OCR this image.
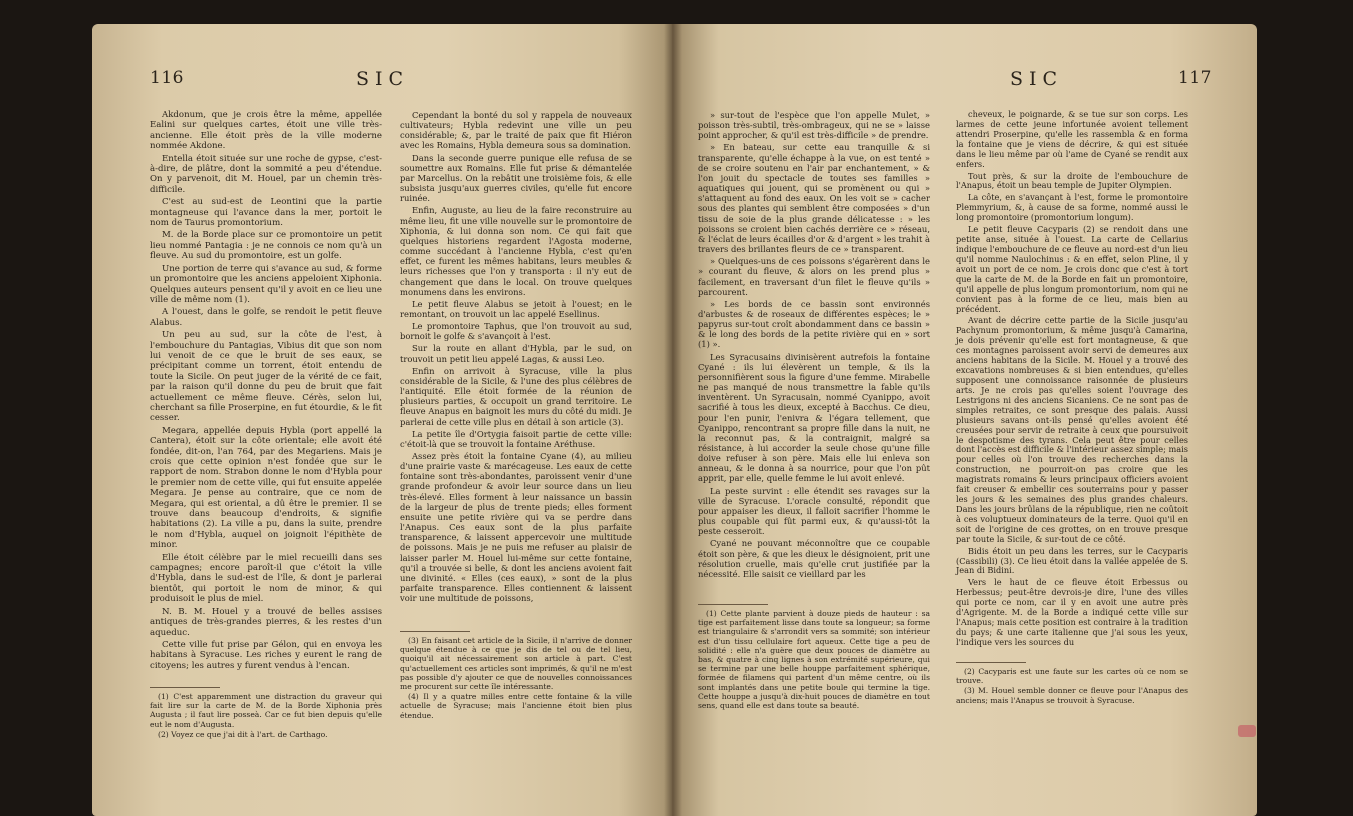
116	SIC

Akdonum, que je crois être la même, appellée Ealini sur quelques cartes, étoit une ville très-ancienne. Elle étoit près de la ville moderne nommée Akdone.

Entella étoit située sur une roche de gypse, c'est-à-dire, de plâtre, dont la sommité a peu d'étendue. On y parvenoit, dit M. Houel, par un chemin très-difficile.

C'est au sud-est de Leontini que la partie montagneuse qui l'avance dans la mer, portoit le nom de Taurus promontorium.

M. de la Borde place sur ce promontoire un petit lieu nommé Pantagia : je ne connois ce nom qu'à un fleuve. Au sud du promontoire, est un golfe.

Une portion de terre qui s'avance au sud, & forme un promontoire que les anciens appeloient Xiphonia. Quelques auteurs pensent qu'il y avoit en ce lieu une ville de même nom (1).

A l'ouest, dans le golfe, se rendoit le petit fleuve Alabus.

Un peu au sud, sur la côte de l'est, à l'embouchure du Pantagias, Vibius dit que son nom lui venoit de ce que le bruit de ses eaux, se précipitant comme un torrent, étoit entendu de toute la Sicile. On peut juger de la vérité de ce fait, par la raison qu'il donne du peu de bruit que fait actuellement ce même fleuve. Cérès, selon lui, cherchant sa fille Proserpine, en fut étourdie, & le fit cesser.

Megara, appellée depuis Hybla (port appellé la Cantera), étoit sur la côte orientale; elle avoit été fondée, dit-on, l'an 764, par des Megariens. Mais je crois que cette opinion n'est fondée que sur le rapport de nom. Strabon donne le nom d'Hybla pour le premier nom de cette ville, qui fut ensuite appelée Megara. Je pense au contraire, que ce nom de Megara, qui est oriental, a dû être le premier. Il se trouve dans beaucoup d'endroits, & signifie habitations (2). La ville a pu, dans la suite, prendre le nom d'Hybla, auquel on joignoit l'épithète de minor.

Elle étoit célèbre par le miel recueilli dans ses campagnes; encore paroît-il que c'étoit la ville d'Hybla, dans le sud-est de l'île, & dont je parlerai bientôt, qui portoit le nom de minor, & qui produisoit le plus de miel.

N. B. M. Houel y a trouvé de belles assises antiques de très-grandes pierres, & les restes d'un aqueduc.

Cette ville fut prise par Gélon, qui en envoya les habitans à Syracuse. Les riches y eurent le rang de citoyens; les autres y furent vendus à l'encan.

(1) C'est apparemment une distraction du graveur qui fait lire sur la carte de M. de la Borde Xiphonia près Augusta ; il faut lire posseà. Car ce fut bien depuis qu'elle eut le nom d'Augusta.

(2) Voyez ce que j'ai dit à l'art. de Carthago.

Cependant la bonté du sol y rappela de nouveaux cultivateurs; Hybla redevint une ville un peu considérable; &, par le traité de paix que fit Hiéron avec les Romains, Hybla demeura sous sa domination.

Dans la seconde guerre punique elle refusa de se soumettre aux Romains. Elle fut prise & démantelée par Marcellus. On la rebâtit une troisième fois, & elle subsista jusqu'aux guerres civiles, qu'elle fut encore ruinée.

Enfin, Auguste, au lieu de la faire reconstruire au même lieu, fit une ville nouvelle sur le promontoire de Xiphonia, & lui donna son nom. Ce qui fait que quelques historiens regardent l'Agosta moderne, comme succédant à l'ancienne Hybla, c'est qu'en effet, ce furent les mêmes habitans, leurs meubles & leurs richesses que l'on y transporta : il n'y eut de changement que dans le local. On trouve quelques monumens dans les environs.

Le petit fleuve Alabus se jetoit à l'ouest; en le remontant, on trouvoit un lac appelé Esellinus.

Le promontoire Taphus, que l'on trouvoit au sud, bornoit le golfe & s'avançoit à l'est.

Sur la route en allant d'Hybla, par le sud, on trouvoit un petit lieu appelé Lagas, & aussi Leo.

Enfin on arrivoit à Syracuse, ville la plus considérable de la Sicile, & l'une des plus célèbres de l'antiquité. Elle étoit formée de la réunion de plusieurs parties, & occupoit un grand territoire. Le fleuve Anapus en baignoit les murs du côté du midi. Je parlerai de cette ville plus en détail à son article (3).

La petite île d'Ortygia faisoit partie de cette ville: c'étoit-là que se trouvoit la fontaine Aréthuse.

Assez près étoit la fontaine Cyane (4), au milieu d'une prairie vaste & marécageuse. Les eaux de cette fontaine sont très-abondantes, paroissent venir d'une grande profondeur & avoir leur source dans un lieu très-élevé. Elles forment à leur naissance un bassin de la largeur de plus de trente pieds; elles forment ensuite une petite rivière qui va se perdre dans l'Anapus. Ces eaux sont de la plus parfaite transparence, & laissent appercevoir une multitude de poissons. Mais je ne puis me refuser au plaisir de laisser parler M. Houel lui-même sur cette fontaine, qu'il a trouvée si belle, & dont les anciens avoient fait une divinité. « Elles (ces eaux), » sont de la plus parfaite transparence. Elles contiennent & laissent voir une multitude de poissons,

(3) En faisant cet article de la Sicile, il n'arrive de donner quelque étendue à ce que je dis de tel ou de tel lieu, quoiqu'il ait nécessairement son article à part. C'est qu'actuellement ces articles sont imprimés, & qu'il ne m'est pas possible d'y ajouter ce que de nouvelles connoissances me procurent sur cette île intéressante.

(4) Il y a quatre milles entre cette fontaine & la ville actuelle de Syracuse; mais l'ancienne étoit bien plus étendue.

SIC	117

» sur-tout de l'espèce que l'on appelle Mulet, » poisson très-subtil, très-ombrageux, qui ne se » laisse point approcher, & qu'il est très-difficile » de prendre.

» En bateau, sur cette eau tranquille & si transparente, qu'elle échappe à la vue, on est tenté » de se croire soutenu en l'air par enchantement, » & l'on jouit du spectacle de toutes ses familles » aquatiques qui jouent, qui se promènent ou qui » s'attaquent au fond des eaux. On les voit se » cacher sous des plantes qui semblent être composées » d'un tissu de soie de la plus grande délicatesse : » les poissons se croient bien cachés derrière ce » réseau, & l'éclat de leurs écailles d'or & d'argent » les trahit à travers des brillantes fleurs de ce » transparent.

» Quelques-uns de ces poissons s'égarèrent dans le » courant du fleuve, & alors on les prend plus » facilement, en traversant d'un filet le fleuve qu'ils » parcourent.

» Les bords de ce bassin sont environnés d'arbustes & de roseaux de différentes espèces; le » papyrus sur-tout croît abondamment dans ce bassin » & le long des bords de la petite rivière qui en » sort (1) ».

Les Syracusains divinisèrent autrefois la fontaine Cyané : ils lui élevèrent un temple, & ils la personnifièrent sous la figure d'une femme. Mirabelle ne pas manqué de nous transmettre la fable qu'ils inventèrent. Un Syracusain, nommé Cyanippo, avoit sacrifié à tous les dieux, excepté à Bacchus. Ce dieu, pour l'en punir, l'enivra & l'égara tellement, que Cyanippo, rencontrant sa propre fille dans la nuit, ne la reconnut pas, & la contraignit, malgré sa résistance, à lui accorder la seule chose qu'une fille doive refuser à son père. Mais elle lui enleva son anneau, & le donna à sa nourrice, pour que l'on pût apprit, par elle, quelle femme le lui avoit enlevé.

La peste survint : elle étendit ses ravages sur la ville de Syracuse. L'oracle consulté, répondit que pour appaiser les dieux, il falloit sacrifier l'homme le plus coupable qui fût parmi eux, & qu'aussi-tôt la peste cesseroit.

Cyané ne pouvant méconnoître que ce coupable étoit son père, & que les dieux le désignoient, prit une résolution cruelle, mais qu'elle crut justifiée par la nécessité. Elle saisit ce vieillard par les

(1) Cette plante parvient à douze pieds de hauteur : sa tige est parfaitement lisse dans toute sa longueur; sa forme est triangulaire & s'arrondit vers sa sommité; son intérieur est d'un tissu cellulaire fort aqueux. Cette tige a peu de solidité : elle n'a guère que deux pouces de diamètre au bas, & quatre à cinq lignes à son extrémité supérieure, qui se termine par une belle houppe parfaitement sphérique, formée de filamens qui partent d'un même centre, où ils sont implantés dans une petite boule qui termine la tige. Cette houppe a jusqu'à dix-huit pouces de diamètre en tout sens, quand elle est dans toute sa beauté.

cheveux, le poignarde, & se tue sur son corps. Les larmes de cette jeune infortunée avoient tellement attendri Proserpine, qu'elle les rassembla & en forma la fontaine que je viens de décrire, & qui est située dans le lieu même par où l'ame de Cyané se rendit aux enfers.

Tout près, & sur la droite de l'embouchure de l'Anapus, étoit un beau temple de Jupiter Olympien.

La côte, en s'avançant à l'est, forme le promontoire Plemmyrium, &, à cause de sa forme, nommé aussi le long promontoire (promontorium longum).

Le petit fleuve Cacyparis (2) se rendoit dans une petite anse, située à l'ouest. La carte de Cellarius indique l'embouchure de ce fleuve au nord-est d'un lieu qu'il nomme Naulochinus : & en effet, selon Pline, il y avoit un port de ce nom. Je crois donc que c'est à tort que la carte de M. de la Borde en fait un promontoire, qu'il appelle de plus longum promontorium, nom qui ne convient pas à la forme de ce lieu, mais bien au précédent.

Avant de décrire cette partie de la Sicile jusqu'au Pachynum promontorium, & même jusqu'à Camarina, je dois prévenir qu'elle est fort montagneuse, & que ces montagnes paroissent avoir servi de demeures aux anciens habitans de la Sicile. M. Houel y a trouvé des excavations nombreuses & si bien entendues, qu'elles supposent une connoissance raisonnée de plusieurs arts. Je ne crois pas qu'elles soient l'ouvrage des Lestrigons ni des anciens Sicaniens. Ce ne sont pas de simples retraites, ce sont presque des palais. Aussi plusieurs savans ont-ils pensé qu'elles avoient été creusées pour servir de retraite à ceux que poursuivoit le despotisme des tyrans. Cela peut être pour celles dont l'accès est difficile & l'intérieur assez simple; mais pour celles où l'on trouve des recherches dans la construction, ne pourroit-on pas croire que les magistrats romains & leurs principaux officiers avoient fait creuser & embellir ces souterrains pour y passer les jours & les semaines des plus grandes chaleurs. Dans les jours brûlans de la république, rien ne coûtoit à ces voluptueux dominateurs de la terre. Quoi qu'il en soit de l'origine de ces grottes, on en trouve presque par toute la Sicile, & sur-tout de ce côté.

Bidis étoit un peu dans les terres, sur le Cacyparis (Cassibili) (3). Ce lieu étoit dans la vallée appelée de S. Jean di Bidini.

Vers le haut de ce fleuve étoit Erbessus ou Herbessus; peut-être devrois-je dire, l'une des villes qui porte ce nom, car il y en avoit une autre près d'Agrigente. M. de la Borde a indiqué cette ville sur l'Anapus; mais cette position est contraire à la tradition du pays; & une carte italienne que j'ai sous les yeux, l'indique vers les sources du

(2) Cacyparis est une faute sur les cartes où ce nom se trouve.

(3) M. Houel semble donner ce fleuve pour l'Anapus des anciens; mais l'Anapus se trouvoit à Syracuse.
